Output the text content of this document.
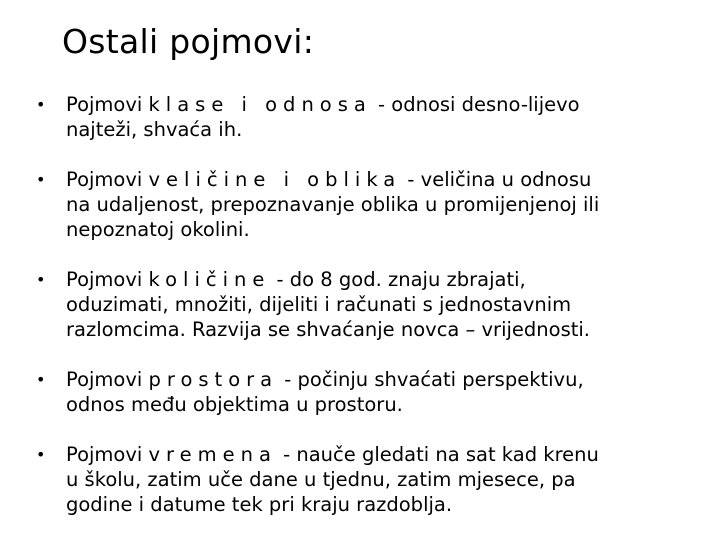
Ostali pojmovi:
• Pojmovi klase i odnosa - odnosi desno-lijevo
najteži, shvaća ih.
• Pojmovi veličine i oblika - veličina u odnosu
na udaljenost, prepoznavanje oblika u promijenjenoj ili
nepoznatoj okolini.
• Pojmovi količine - do 8 god. znaju zbrajati,
oduzimati, množiti, dijeliti i računati s jednostavnim
razlomcima. Razvija se shvaćanje novca – vrijednosti.
• Pojmovi prostora - počinju shvaćati perspektivu,
odnos među objektima u prostoru.
• Pojmovi vremena - nauče gledati na sat kad krenu
u školu, zatim uče dane u tjednu, zatim mjesece, pa
godine i datume tek pri kraju razdoblja.
